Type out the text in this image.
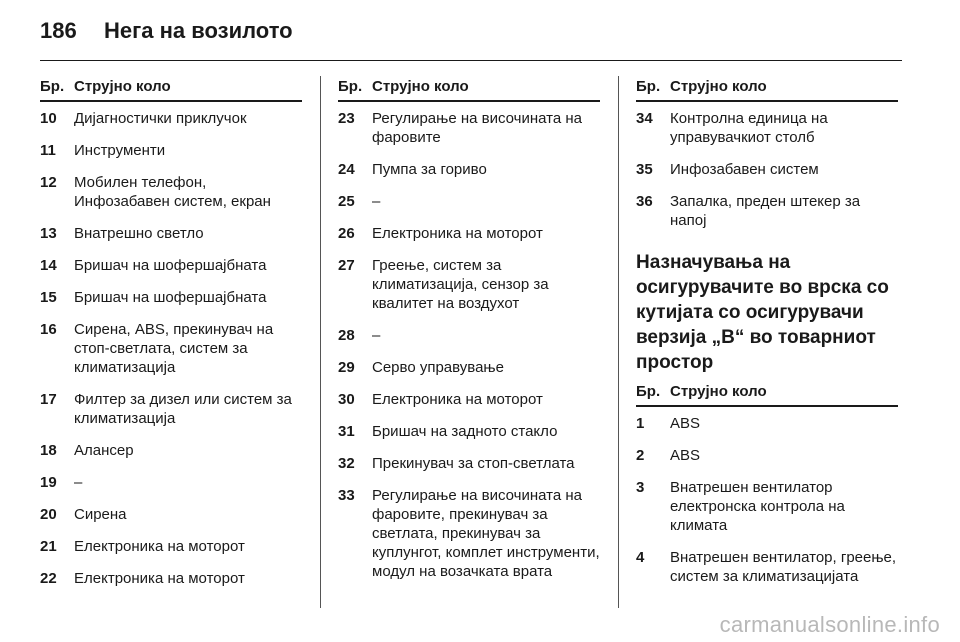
186 Нега на возилото
Бр. Струјно коло
10	Дијагностички приклучок
11	Инструменти
12	Мобилен телефон, Инфозабавен систем, екран
13	Внатрешно светло
14	Бришач на шофершајбната
15	Бришач на шофершајбната
16	Сирена, ABS, прекинувач на стоп-светлата, систем за климатизација
17	Филтер за дизел или систем за климатизација
18	Алансер
19	–
20	Сирена
21	Електроника на моторот
22	Електроника на моторот
Бр. Струјно коло
23	Регулирање на височината на фаровите
24	Пумпа за гориво
25	–
26	Електроника на моторот
27	Греење, систем за климатизација, сензор за квалитет на воздухот
28	–
29	Серво управување
30	Електроника на моторот
31	Бришач на задното стакло
32	Прекинувач за стоп-светлата
33	Регулирање на височината на фаровите, прекинувач за светлата, прекинувач за куплунгот, комплет инструменти, модул на возачката врата
Бр. Струјно коло
34	Контролна единица на управувачкиот столб
35	Инфозабавен систем
36	Запалка, преден штекер за напој
Назначувања на осигурувачите во врска со кутијата со осигурувачи верзија „B“ во товарниот простор
Бр. Струјно коло
1	ABS
2	ABS
3	Внатрешен вентилатор електронска контрола на климата
4	Внатрешен вентилатор, греење, систем за климатизацијата
carmanualsonline.info
